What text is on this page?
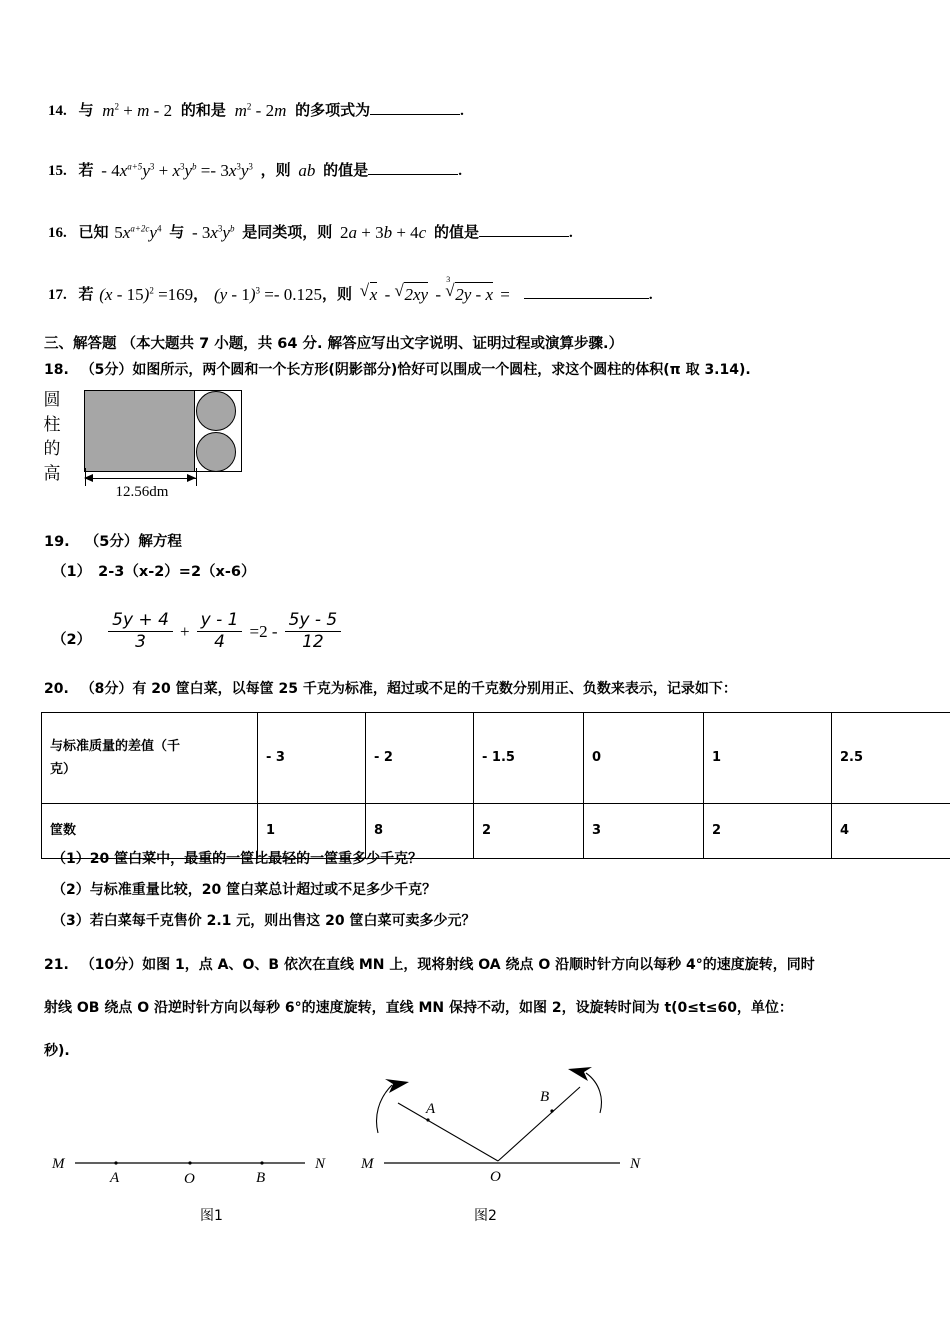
14. 与 $m^2 + m - 2$ 的和是 $m^2 - 2m$ 的多项式为	.
15. 若 - $4x^{a+5}y^3 + x^3y^b =- 3x^3y^3$ ，则 ab 的值是	.
16. 已知 $5x^{a+2c}y^4$ 与 - $3x^3y^b$ 是同类项，则 2a + 3b + 4c 的值是	.
17. 若 (x - 15)$^2$ =169， (y - 1)$^3$ =- 0.125，则 √ x - √ 2xy -
√ 3
2y - x =	.
三、解答题 （本大题共 7 小题，共 64 分. 解答应写出文字说明、证明过程或演算步骤.）
18. （5分）如图所示，两个圆和一个长方形(阴影部分)恰好可以围成一个圆柱，求这个圆柱的体积(π 取 3.14).
圆
柱
的
高
12.56dm
19. （5分）解方程
（1） 2-3（x-2）=2（x-6）
$(2) \frac{5y + 4}{3} + \frac{y - 1}{4} =2 - \frac{5y - 5}{12}$
20. （8分）有 20 筐白菜，以每筐 25 千克为标准，超过或不足的千克数分别用正、负数来表示，记录如下：
与标准质量的差值（千
克）	- 3	- 2	- 1.5	0	1	2.5
筐数	1	8	2	3	2	4
（1）20 筐白菜中，最重的一筐比最轻的一筐重多少千克？
（2）与标准重量比较，20 筐白菜总计超过或不足多少千克？
（3）若白菜每千克售价 2.1 元，则出售这 20 筐白菜可卖多少元？
21. （10分）如图 1，点 A、O、B 依次在直线 MN 上，现将射线 OA 绕点 O 沿顺时针方向以每秒 4°的速度旋转，同时
射线 OB 绕点 O 沿逆时针方向以每秒 6°的速度旋转，直线 MN 保持不动，如图 2，设旋转时间为 t(0≤t≤60，单位：
秒).
M
A	O	B
N
图1
M
A
O
B
N
图2
